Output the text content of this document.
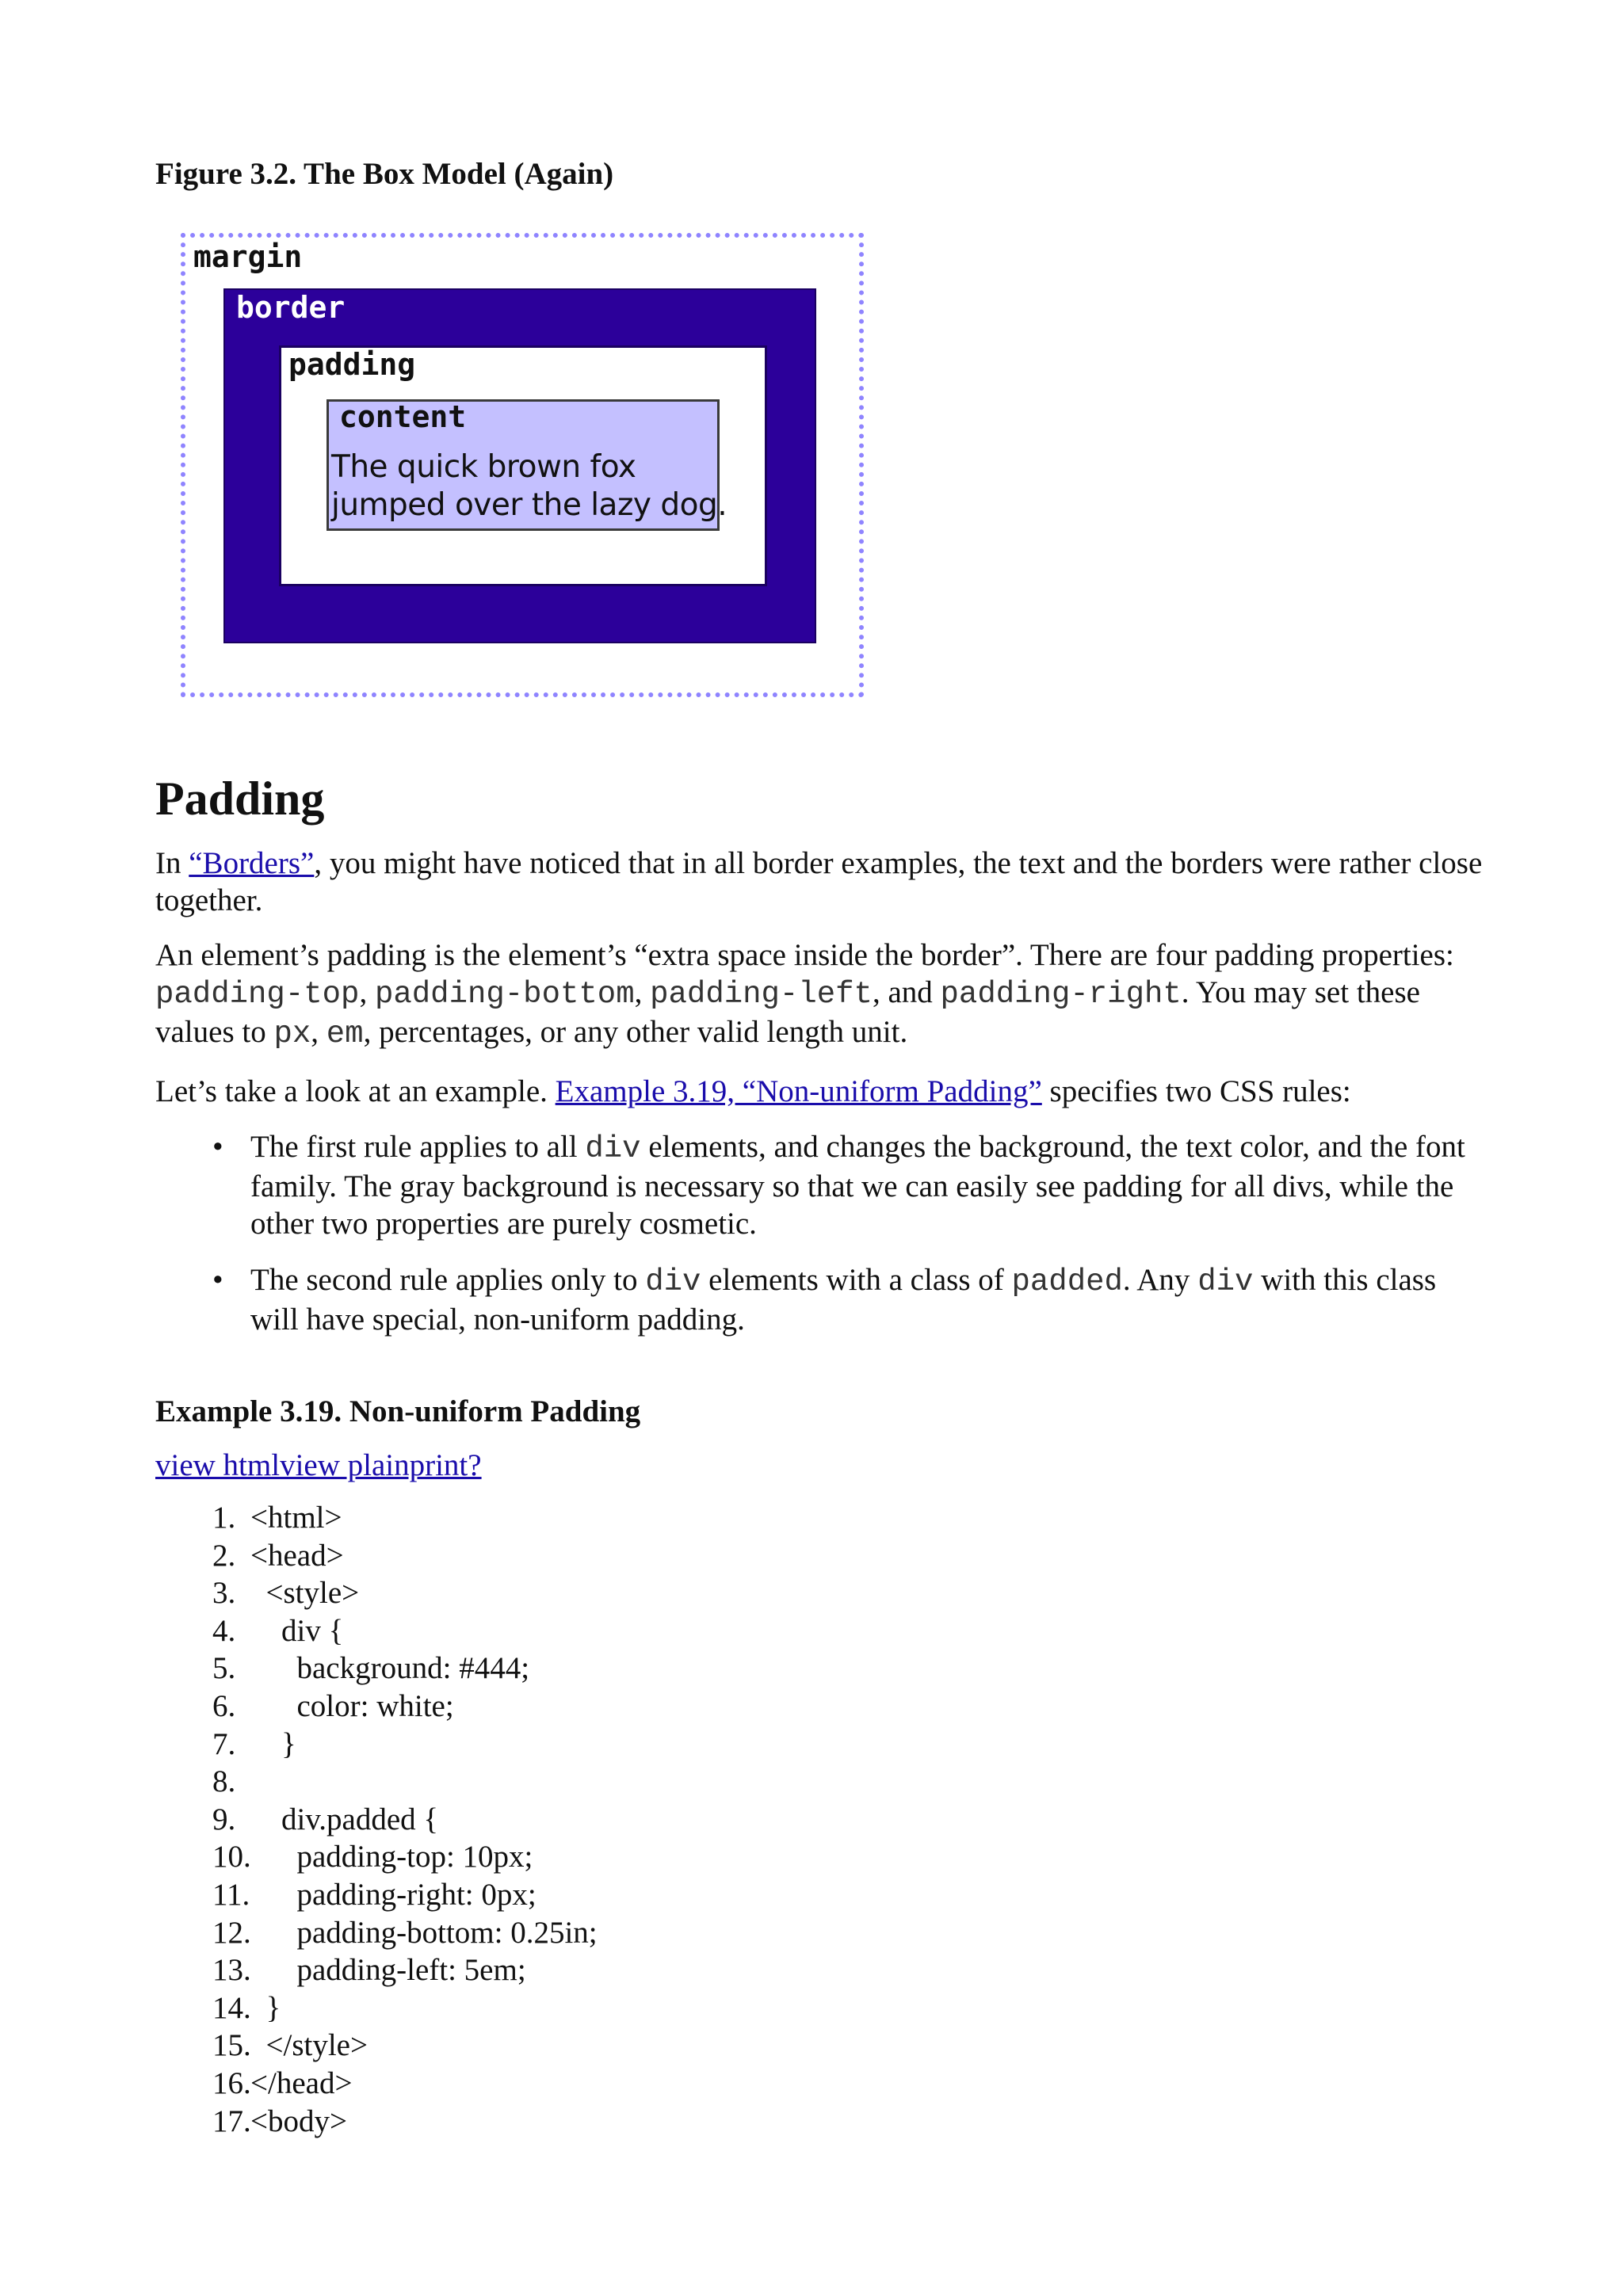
Figure 3.2. The Box Model (Again)

margin

border

padding

content

The quick brown fox
jumped over the lazy dog.

Padding

In “Borders”, you might have noticed that in all border examples, the text and the borders were rather close together.

An element’s padding is the element’s “extra space inside the border”. There are four padding properties: padding-top, padding-bottom, padding-left, and padding-right. You may set these values to px, em, percentages, or any other valid length unit.

Let’s take a look at an example. Example 3.19, “Non-uniform Padding” specifies two CSS rules:

• The first rule applies to all div elements, and changes the background, the text color, and the font family. The gray background is necessary so that we can easily see padding for all divs, while the other two properties are purely cosmetic.
• The second rule applies only to div elements with a class of padded. Any div with this class will have special, non-uniform padding.

Example 3.19. Non-uniform Padding

view htmlview plainprint?

1. <html>
2. <head>
3. <style>
4. div {
5. background: #444;
6. color: white;
7. }
8.
9. div.padded {
10. padding-top: 10px;
11. padding-right: 0px;
12. padding-bottom: 0.25in;
13. padding-left: 5em;
14. }
15. </style>
16. </head>
17. <body>
